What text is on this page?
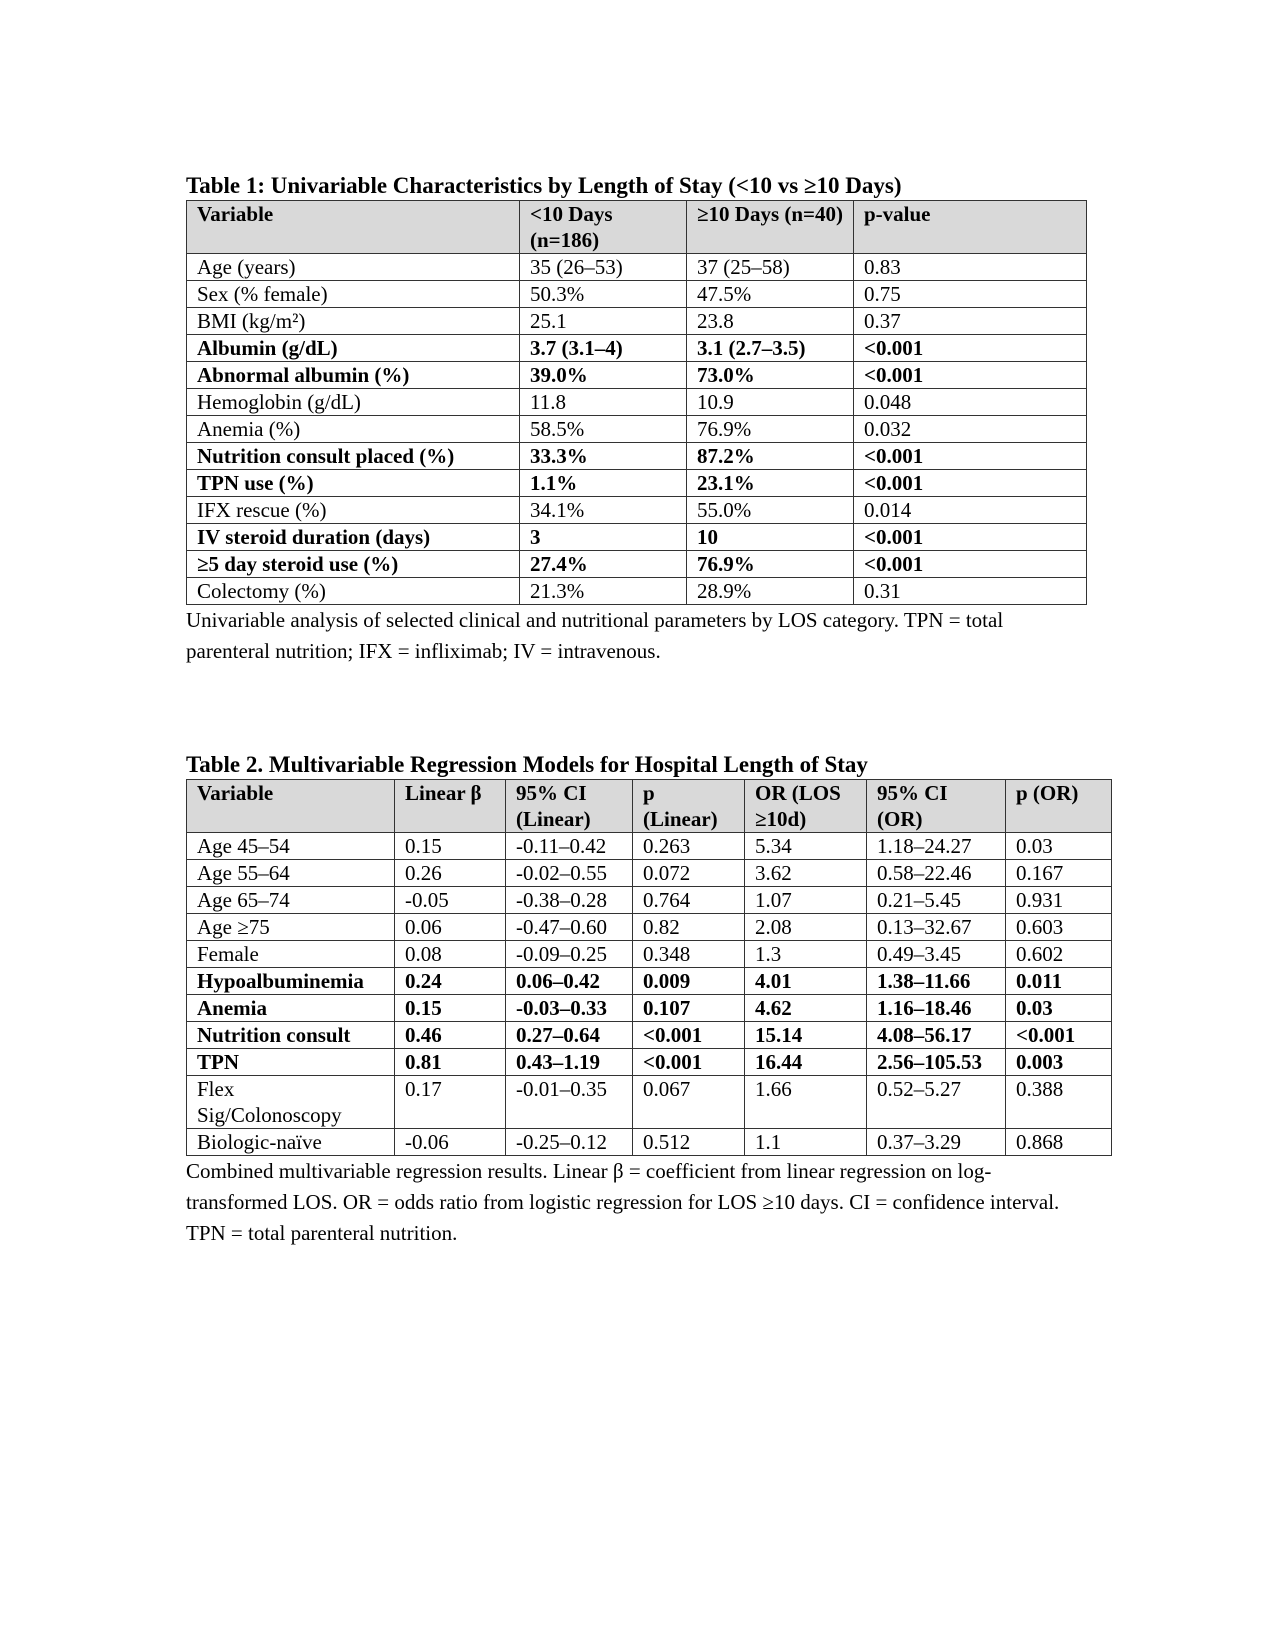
Table 1: Univariable Characteristics by Length of Stay (<10 vs ≥10 Days)

Variable	<10 Days (n=186)	≥10 Days (n=40)	p-value
Age (years)	35 (26–53)	37 (25–58)	0.83
Sex (% female)	50.3%	47.5%	0.75
BMI (kg/m²)	25.1	23.8	0.37
Albumin (g/dL)	3.7 (3.1–4)	3.1 (2.7–3.5)	<0.001
Abnormal albumin (%)	39.0%	73.0%	<0.001
Hemoglobin (g/dL)	11.8	10.9	0.048
Anemia (%)	58.5%	76.9%	0.032
Nutrition consult placed (%)	33.3%	87.2%	<0.001
TPN use (%)	1.1%	23.1%	<0.001
IFX rescue (%)	34.1%	55.0%	0.014
IV steroid duration (days)	3	10	<0.001
≥5 day steroid use (%)	27.4%	76.9%	<0.001
Colectomy (%)	21.3%	28.9%	0.31

Univariable analysis of selected clinical and nutritional parameters by LOS category. TPN = total parenteral nutrition; IFX = infliximab; IV = intravenous.

Table 2. Multivariable Regression Models for Hospital Length of Stay

Variable	Linear β	95% CI (Linear)	p (Linear)	OR (LOS ≥10d)	95% CI (OR)	p (OR)
Age 45–54	0.15	-0.11–0.42	0.263	5.34	1.18–24.27	0.03
Age 55–64	0.26	-0.02–0.55	0.072	3.62	0.58–22.46	0.167
Age 65–74	-0.05	-0.38–0.28	0.764	1.07	0.21–5.45	0.931
Age ≥75	0.06	-0.47–0.60	0.82	2.08	0.13–32.67	0.603
Female	0.08	-0.09–0.25	0.348	1.3	0.49–3.45	0.602
Hypoalbuminemia	0.24	0.06–0.42	0.009	4.01	1.38–11.66	0.011
Anemia	0.15	-0.03–0.33	0.107	4.62	1.16–18.46	0.03
Nutrition consult	0.46	0.27–0.64	<0.001	15.14	4.08–56.17	<0.001
TPN	0.81	0.43–1.19	<0.001	16.44	2.56–105.53	0.003
Flex Sig/Colonoscopy	0.17	-0.01–0.35	0.067	1.66	0.52–5.27	0.388
Biologic-naïve	-0.06	-0.25–0.12	0.512	1.1	0.37–3.29	0.868

Combined multivariable regression results. Linear β = coefficient from linear regression on log-transformed LOS. OR = odds ratio from logistic regression for LOS ≥10 days. CI = confidence interval. TPN = total parenteral nutrition.
